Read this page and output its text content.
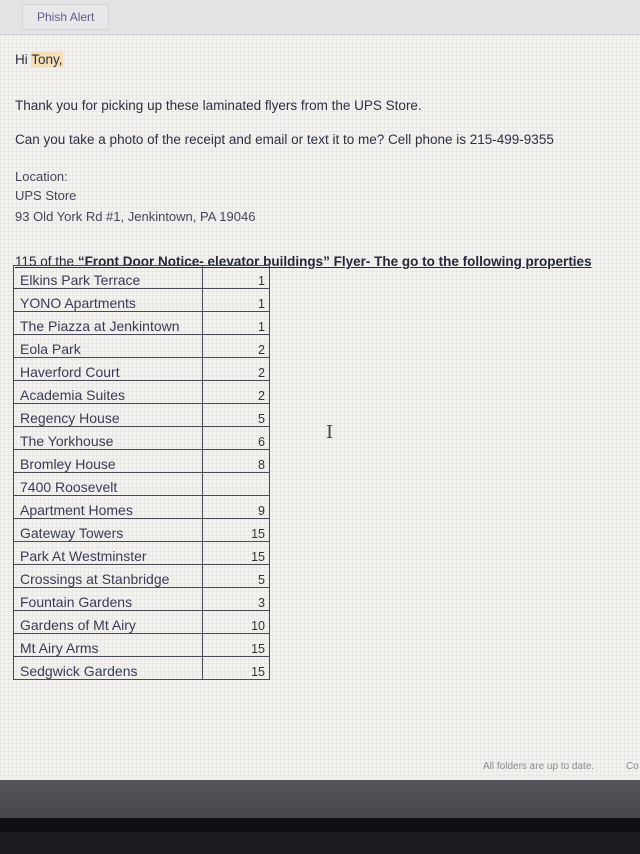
Phish Alert
Hi Tony,
Thank you for picking up these laminated flyers from the UPS Store.
Can you take a photo of the receipt and email or text it to me? Cell phone is 215-499-9355
Location:
UPS Store
93 Old York Rd #1, Jenkintown, PA 19046
115 of the “Front Door Notice- elevator buildings” Flyer- The go to the following properties
Elkins Park Terrace	1
YONO Apartments	1
The Piazza at Jenkintown	1
Eola Park	2
Haverford Court	2
Academia Suites	2
Regency House	5
The Yorkhouse	6
Bromley House	8
7400 Roosevelt	
Apartment Homes	9
Gateway Towers	15
Park At Westminster	15
Crossings at Stanbridge	5
Fountain Gardens	3
Gardens of Mt Airy	10
Mt Airy Arms	15
Sedgwick Gardens	15
I
All folders are up to date.	Co
